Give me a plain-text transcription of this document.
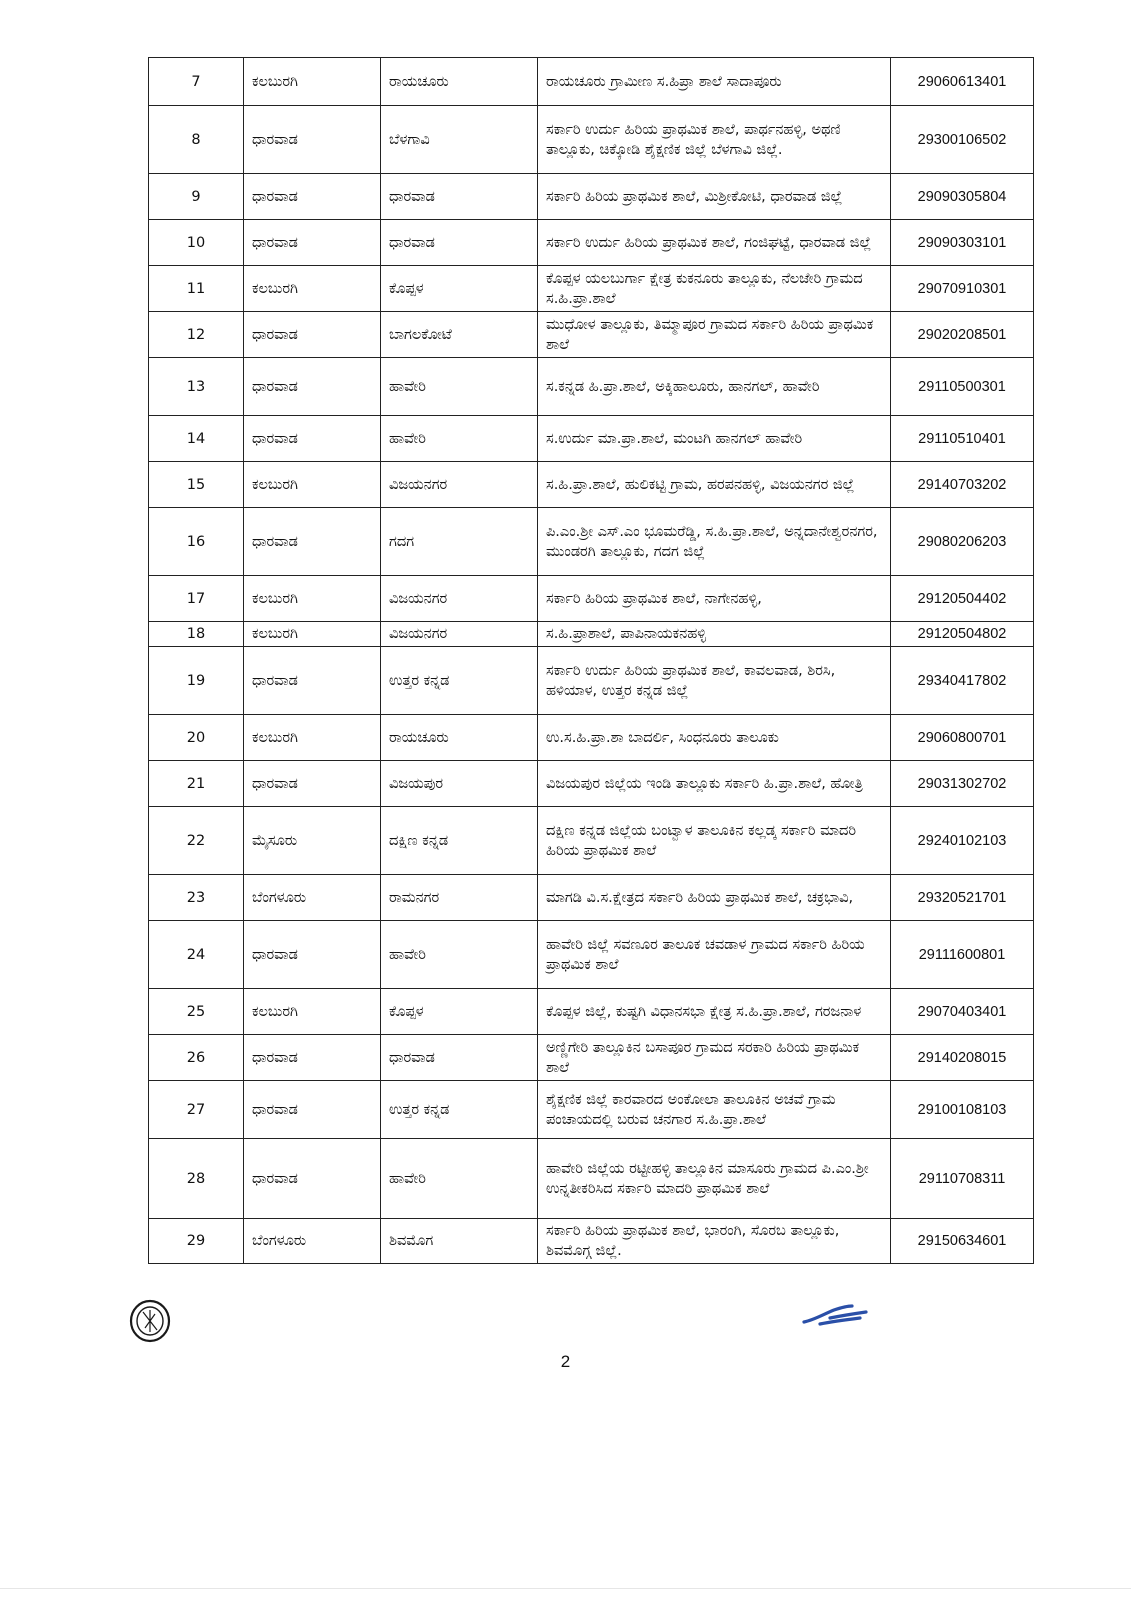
7	ಕಲಬುರಗಿ	ರಾಯಚೂರು	ರಾಯಚೂರು ಗ್ರಾಮೀಣ ಸ.ಹಿಪ್ರಾ ಶಾಲೆ ಸಾದಾಪೂರು	29060613401
8	ಧಾರವಾಡ	ಬೆಳಗಾವಿ	ಸರ್ಕಾರಿ ಉರ್ದು ಹಿರಿಯ ಪ್ರಾಥಮಿಕ ಶಾಲೆ, ಪಾರ್ಥನಹಳ್ಳಿ, ಅಥಣಿ ತಾಲ್ಲೂಕು, ಚಿಕ್ಕೋಡಿ ಶೈಕ್ಷಣಿಕ ಜಿಲ್ಲೆ ಬೆಳಗಾವಿ ಜಿಲ್ಲೆ.	29300106502
9	ಧಾರವಾಡ	ಧಾರವಾಡ	ಸರ್ಕಾರಿ ಹಿರಿಯ ಪ್ರಾಥಮಿಕ ಶಾಲೆ, ಮಿಶ್ರೀಕೋಟಿ, ಧಾರವಾಡ ಜಿಲ್ಲೆ	29090305804
10	ಧಾರವಾಡ	ಧಾರವಾಡ	ಸರ್ಕಾರಿ ಉರ್ದು ಹಿರಿಯ ಪ್ರಾಥಮಿಕ ಶಾಲೆ, ಗಂಜಿಘಟ್ಟೆ, ಧಾರವಾಡ ಜಿಲ್ಲೆ	29090303101
11	ಕಲಬುರಗಿ	ಕೊಪ್ಪಳ	ಕೊಪ್ಪಳ ಯಲಬುರ್ಗಾ ಕ್ಷೇತ್ರ ಕುಕನೂರು ತಾಲ್ಲೂಕು, ನೆಲಜೇರಿ ಗ್ರಾಮದ ಸ.ಹಿ.ಪ್ರಾ.ಶಾಲೆ	29070910301
12	ಧಾರವಾಡ	ಬಾಗಲಕೋಟೆ	ಮುಧೋಳ ತಾಲ್ಲೂಕು, ತಿಮ್ಮಾಪೂರ ಗ್ರಾಮದ ಸರ್ಕಾರಿ ಹಿರಿಯ ಪ್ರಾಥಮಿಕ ಶಾಲೆ	29020208501
13	ಧಾರವಾಡ	ಹಾವೇರಿ	ಸ.ಕನ್ನಡ ಹಿ.ಪ್ರಾ.ಶಾಲೆ, ಅಕ್ಕಿಹಾಲೂರು, ಹಾನಗಲ್, ಹಾವೇರಿ	29110500301
14	ಧಾರವಾಡ	ಹಾವೇರಿ	ಸ.ಉರ್ದು ಮಾ.ಪ್ರಾ.ಶಾಲೆ, ಮಂಟಗಿ ಹಾನಗಲ್ ಹಾವೇರಿ	29110510401
15	ಕಲಬುರಗಿ	ವಿಜಯನಗರ	ಸ.ಹಿ.ಪ್ರಾ.ಶಾಲೆ, ಹುಲಿಕಟ್ಟಿ ಗ್ರಾಮ, ಹರಪನಹಳ್ಳಿ, ವಿಜಯನಗರ ಜಿಲ್ಲೆ	29140703202
16	ಧಾರವಾಡ	ಗದಗ	ಪಿ.ಎಂ.ಶ್ರೀ ಎಸ್.ಎಂ ಭೂಮರೆಡ್ಡಿ, ಸ.ಹಿ.ಪ್ರಾ.ಶಾಲೆ, ಅನ್ನದಾನೇಶ್ವರನಗರ, ಮುಂಡರಗಿ ತಾಲ್ಲೂಕು, ಗದಗ ಜಿಲ್ಲೆ	29080206203
17	ಕಲಬುರಗಿ	ವಿಜಯನಗರ	ಸರ್ಕಾರಿ ಹಿರಿಯ ಪ್ರಾಥಮಿಕ ಶಾಲೆ, ನಾಗೇನಹಳ್ಳಿ,	29120504402
18	ಕಲಬುರಗಿ	ವಿಜಯನಗರ	ಸ.ಹಿ.ಪ್ರಾಶಾಲೆ, ಪಾಪಿನಾಯಕನಹಳ್ಳಿ	29120504802
19	ಧಾರವಾಡ	ಉತ್ತರ ಕನ್ನಡ	ಸರ್ಕಾರಿ ಉರ್ದು ಹಿರಿಯ ಪ್ರಾಥಮಿಕ ಶಾಲೆ, ಕಾವಲವಾಡ, ಶಿರಸಿ, ಹಳಿಯಾಳ, ಉತ್ತರ ಕನ್ನಡ ಜಿಲ್ಲೆ	29340417802
20	ಕಲಬುರಗಿ	ರಾಯಚೂರು	ಉ.ಸ.ಹಿ.ಪ್ರಾ.ಶಾ ಬಾದರ್ಲಿ, ಸಿಂಧನೂರು ತಾಲೂಕು	29060800701
21	ಧಾರವಾಡ	ವಿಜಯಪುರ	ವಿಜಯಪುರ ಜಿಲ್ಲೆಯ ಇಂಡಿ ತಾಲ್ಲೂಕು ಸರ್ಕಾರಿ ಹಿ.ಪ್ರಾ.ಶಾಲೆ, ಹೋತ್ರಿ	29031302702
22	ಮೈಸೂರು	ದಕ್ಷಿಣ ಕನ್ನಡ	ದಕ್ಷಿಣ ಕನ್ನಡ ಜಿಲ್ಲೆಯ ಬಂಟ್ವಾಳ ತಾಲೂಕಿನ ಕಲ್ಲಡ್ಕ ಸರ್ಕಾರಿ ಮಾದರಿ ಹಿರಿಯ ಪ್ರಾಥಮಿಕ ಶಾಲೆ	29240102103
23	ಬೆಂಗಳೂರು	ರಾಮನಗರ	ಮಾಗಡಿ ವಿ.ಸ.ಕ್ಷೇತ್ರದ ಸರ್ಕಾರಿ ಹಿರಿಯ ಪ್ರಾಥಮಿಕ ಶಾಲೆ, ಚಕ್ರಭಾವಿ,	29320521701
24	ಧಾರವಾಡ	ಹಾವೇರಿ	ಹಾವೇರಿ ಜಿಲ್ಲೆ ಸವಣೂರ ತಾಲೂಕ ಚವಡಾಳ ಗ್ರಾಮದ ಸರ್ಕಾರಿ ಹಿರಿಯ ಪ್ರಾಥಮಿಕ ಶಾಲೆ	29111600801
25	ಕಲಬುರಗಿ	ಕೊಪ್ಪಳ	ಕೊಪ್ಪಳ ಜಿಲ್ಲೆ, ಕುಷ್ಟಗಿ ವಿಧಾನಸಭಾ ಕ್ಷೇತ್ರ ಸ.ಹಿ.ಪ್ರಾ.ಶಾಲೆ, ಗರಜನಾಳ	29070403401
26	ಧಾರವಾಡ	ಧಾರವಾಡ	ಅಣ್ಣಿಗೇರಿ ತಾಲ್ಲೂಕಿನ ಬಸಾಪೂರ ಗ್ರಾಮದ ಸರಕಾರಿ ಹಿರಿಯ ಪ್ರಾಥಮಿಕ ಶಾಲೆ	29140208015
27	ಧಾರವಾಡ	ಉತ್ತರ ಕನ್ನಡ	ಶೈಕ್ಷಣಿಕ ಜಿಲ್ಲೆ ಕಾರವಾರದ ಅಂಕೋಲಾ ತಾಲೂಕಿನ ಅಚವೆ ಗ್ರಾಮ ಪಂಚಾಯದಲ್ಲಿ ಬರುವ ಚನಗಾರ ಸ.ಹಿ.ಪ್ರಾ.ಶಾಲೆ	29100108103
28	ಧಾರವಾಡ	ಹಾವೇರಿ	ಹಾವೇರಿ ಜಿಲ್ಲೆಯ ರಟ್ಟೀಹಳ್ಳಿ ತಾಲ್ಲೂಕಿನ ಮಾಸೂರು ಗ್ರಾಮದ ಪಿ.ಎಂ.ಶ್ರೀ ಉನ್ನತೀಕರಿಸಿದ ಸರ್ಕಾರಿ ಮಾದರಿ ಪ್ರಾಥಮಿಕ ಶಾಲೆ	29110708311
29	ಬೆಂಗಳೂರು	ಶಿವಮೊಗ	ಸರ್ಕಾರಿ ಹಿರಿಯ ಪ್ರಾಥಮಿಕ ಶಾಲೆ, ಭಾರಂಗಿ, ಸೊರಬ ತಾಲ್ಲೂಕು, ಶಿವಮೊಗ್ಗ ಜಿಲ್ಲೆ.	29150634601
2
